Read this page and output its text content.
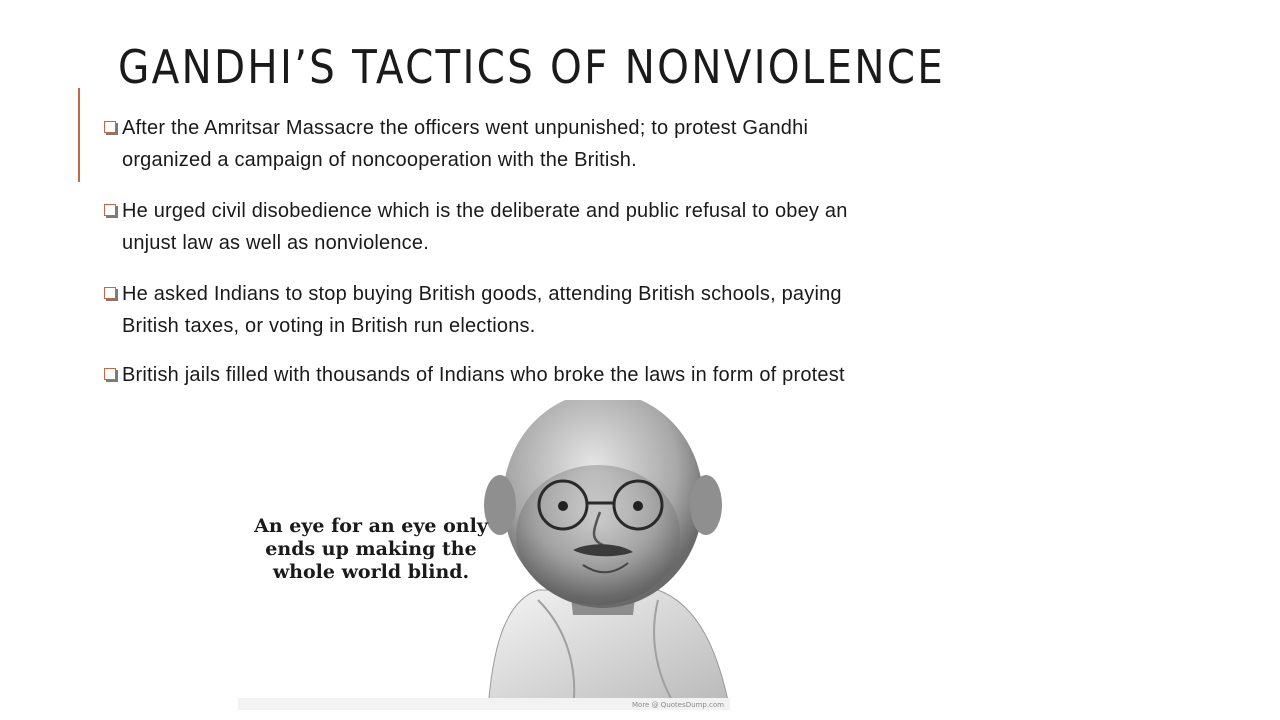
GANDHI’S TACTICS OF NONVIOLENCE
After the Amritsar Massacre the officers went unpunished; to protest Gandhi
organized a campaign of noncooperation with the British.
He urged civil disobedience which is the deliberate and public refusal to obey an
unjust law as well as nonviolence.
He asked Indians to stop buying British goods, attending British schools, paying
British taxes, or voting in British run elections.
British jails filled with thousands of Indians who broke the laws in form of protest
An eye for an eye only
ends up making the
whole world blind.
More @ QuotesDump.com
